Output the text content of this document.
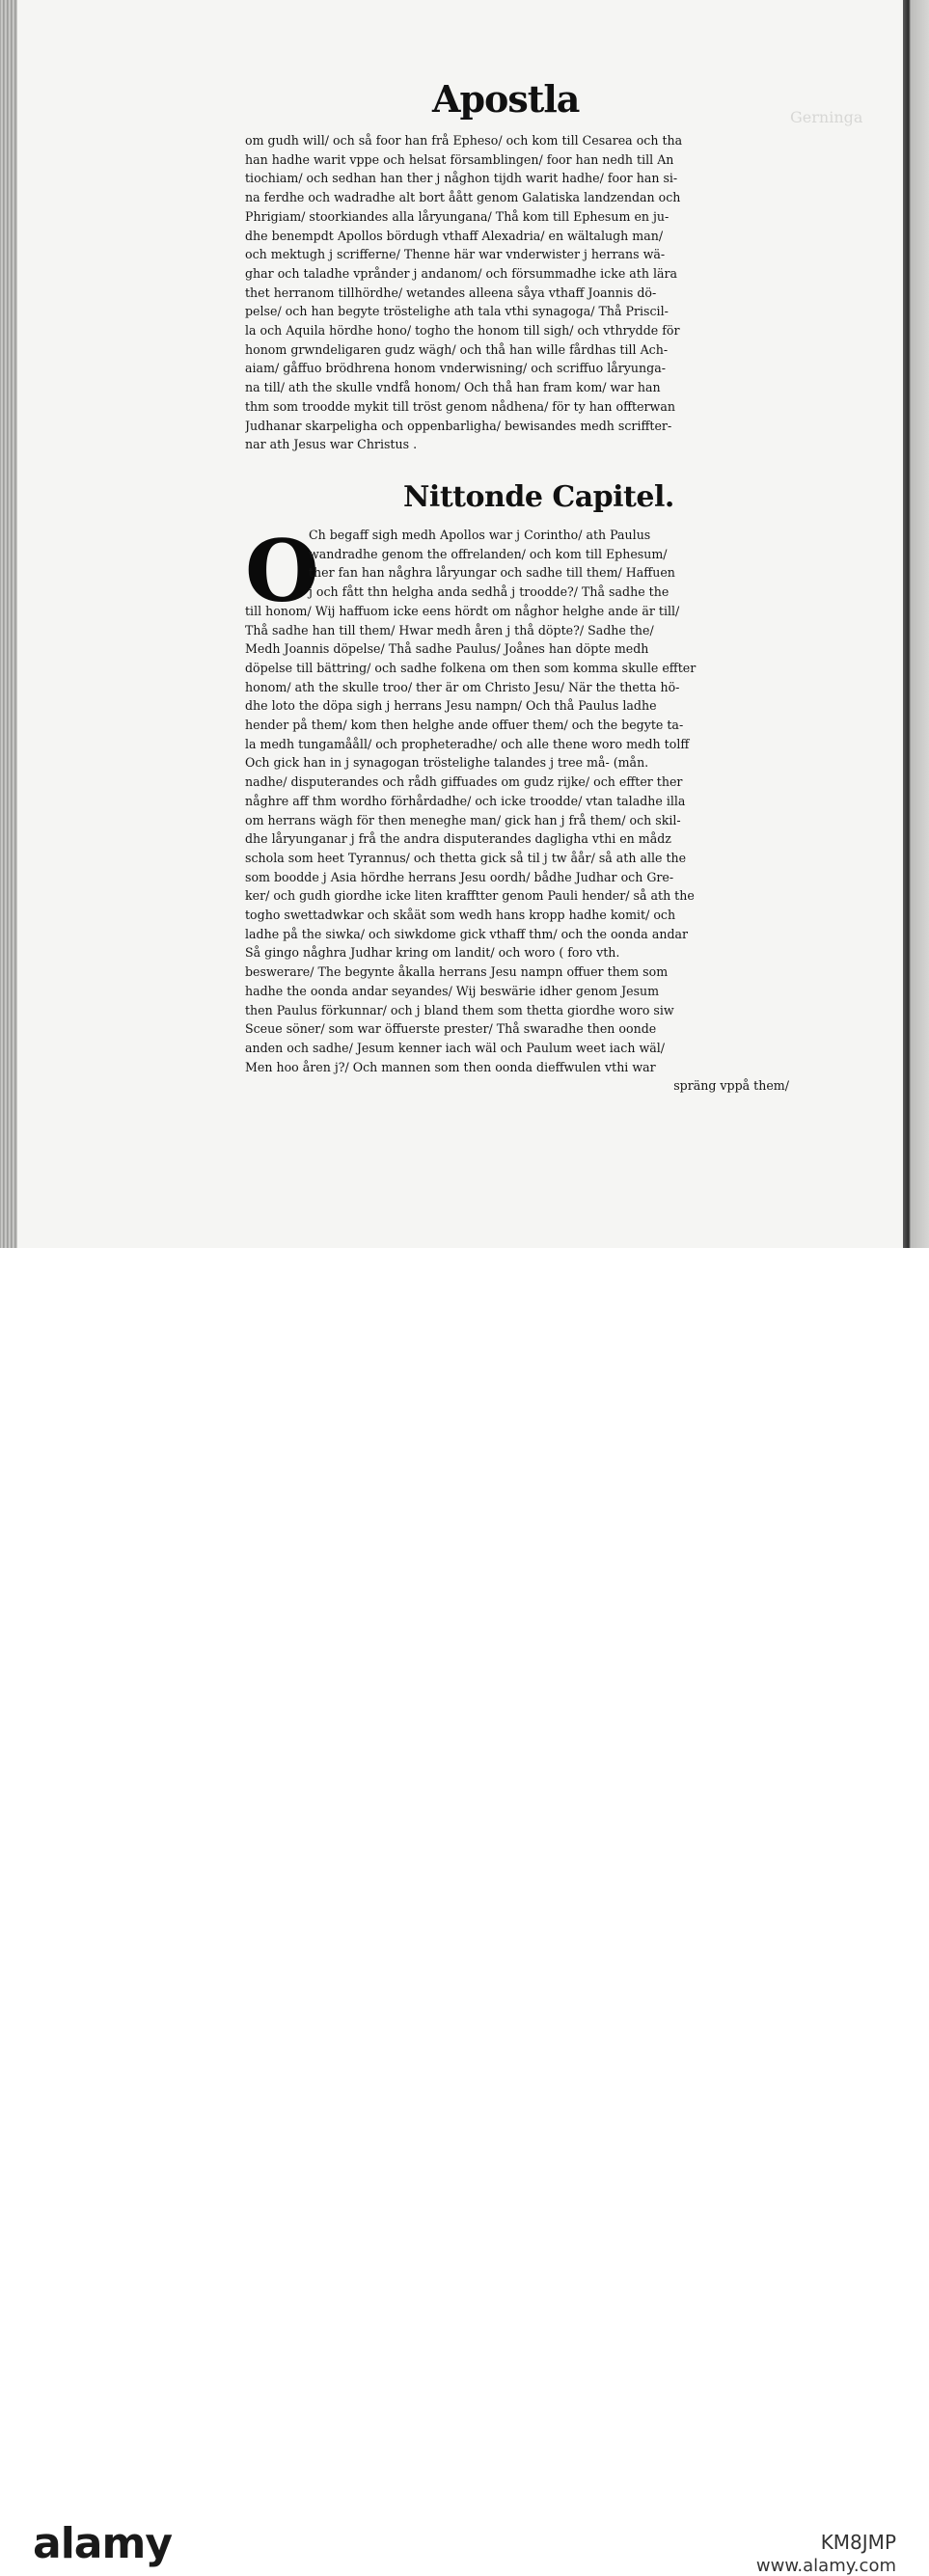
Gerninga
Apostla
om gudh will/ och så foor han frå Epheso/ och kom till Cesarea och tha
han hadhe warit vppe och helsat församblingen/ foor han nedh till An
tiochiam/ och sedhan han ther j någhon tijdh warit hadhe/ foor han si-
na ferdhe och wadradhe alt bort åått genom Galatiska landzendan och
Phrigiam/ stoorkiandes alla låryungana/ Thå kom till Ephesum en ju-
dhe benempdt Apollos bördugh vthaff Alexadria/ en wältalugh man/
och mektugh j scrifferne/ Thenne här war vnderwister j herrans wä-
ghar och taladhe vprånder j andanom/ och försummadhe icke ath lära
thet herranom tillhördhe/ wetandes alleena såya vthaff Joannis dö-
pelse/ och han begyte tröstelighe ath tala vthi synagoga/ Thå Priscil-
la och Aquila hördhe hono/ togho the honom till sigh/ och vthrydde för
honom grwndeligaren gudz wägh/ och thå han wille fårdhas till Ach-
aiam/ gåffuo brödhrena honom vnderwisning/ och scriffuo låryunga-
na till/ ath the skulle vndfå honom/ Och thå han fram kom/ war han
thm som troodde mykit till tröst genom nådhena/ för ty han offterwan
Judhanar skarpeligha och oppenbarligha/ bewisandes medh scriffter-
nar ath Jesus war Christus .
Nittonde Capitel.
O
Ch begaff sigh medh Apollos war j Corintho/ ath Paulus
wandradhe genom the offrelanden/ och kom till Ephesum/
ther fan han någhra låryungar och sadhe till them/ Haffuen
j och fått thn helgha anda sedhå j troodde?/ Thå sadhe the
till honom/ Wij haffuom icke eens hördt om någhor helghe ande är till/
Thå sadhe han till them/ Hwar medh åren j thå döpte?/ Sadhe the/
Medh Joannis döpelse/ Thå sadhe Paulus/ Joånes han döpte medh
döpelse till bättring/ och sadhe folkena om then som komma skulle effter
honom/ ath the skulle troo/ ther är om Christo Jesu/ När the thetta hö-
dhe loto the döpa sigh j herrans Jesu nampn/ Och thå Paulus ladhe
hender på them/ kom then helghe ande offuer them/ och the begyte ta-
la medh tungamååll/ och propheteradhe/ och alle thene woro medh tolff
Och gick han in j synagogan tröstelighe talandes j tree må- (mån.
nadhe/ disputerandes och rådh giffuades om gudz rijke/ och effter ther
någhre aff thm wordho förhårdadhe/ och icke troodde/ vtan taladhe illa
om herrans wägh för then meneghe man/ gick han j frå them/ och skil-
dhe låryunganar j frå the andra disputerandes dagligha vthi en mådz
schola som heet Tyrannus/ och thetta gick så til j tw åår/ så ath alle the
som boodde j Asia hördhe herrans Jesu oordh/ bådhe Judhar och Gre-
ker/ och gudh giordhe icke liten krafftter genom Pauli hender/ så ath the
togho swettadwkar och skåät som wedh hans kropp hadhe komit/ och
ladhe på the siwka/ och siwkdome gick vthaff thm/ och the oonda andar
Så gingo någhra Judhar kring om landit/ och woro ( foro vth.
beswerare/ The begynte åkalla herrans Jesu nampn offuer them som
hadhe the oonda andar seyandes/ Wij beswärie idher genom Jesum
then Paulus förkunnar/ och j bland them som thetta giordhe woro siw
Sceue söner/ som war öffuerste prester/ Thå swaradhe then oonde
anden och sadhe/ Jesum kenner iach wäl och Paulum weet iach wäl/
Men hoo åren j?/ Och mannen som then oonda dieffwulen vthi war
spräng vppå them/
alamy	KM8JMP
www.alamy.com
